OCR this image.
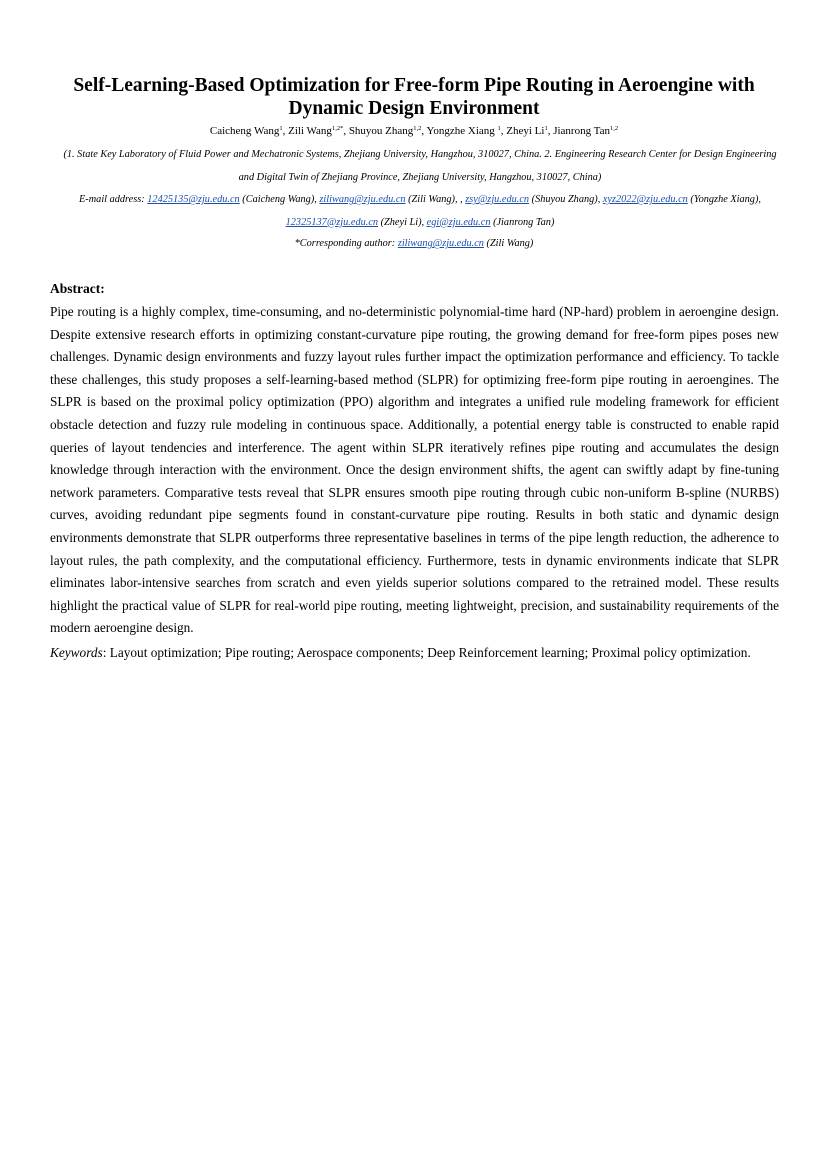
Self-Learning-Based Optimization for Free-form Pipe Routing in Aeroengine with Dynamic Design Environment
Caicheng Wang$^1$, Zili Wang$^{1,2*}$, Shuyou Zhang$^{1,2}$, Yongzhe Xiang $^1$, Zheyi Li$^1$, Jianrong Tan$^{1,2}$
(1. State Key Laboratory of Fluid Power and Mechatronic Systems, Zhejiang University, Hangzhou, 310027, China. 2. Engineering Research Center for Design Engineering and Digital Twin of Zhejiang Province, Zhejiang University, Hangzhou, 310027, China)
E-mail address: 12425135@zju.edu.cn (Caicheng Wang), ziliwang@zju.edu.cn (Zili Wang), , zsy@zju.edu.cn (Shuyou Zhang), xyz2022@zju.edu.cn (Yongzhe Xiang), 12325137@zju.edu.cn (Zheyi Li), egi@zju.edu.cn (Jianrong Tan)
*Corresponding author: ziliwang@zju.edu.cn (Zili Wang)
Abstract:
Pipe routing is a highly complex, time-consuming, and no-deterministic polynomial-time hard (NP-hard) problem in aeroengine design. Despite extensive research efforts in optimizing constant-curvature pipe routing, the growing demand for free-form pipes poses new challenges. Dynamic design environments and fuzzy layout rules further impact the optimization performance and efficiency. To tackle these challenges, this study proposes a self-learning-based method (SLPR) for optimizing free-form pipe routing in aeroengines. The SLPR is based on the proximal policy optimization (PPO) algorithm and integrates a unified rule modeling framework for efficient obstacle detection and fuzzy rule modeling in continuous space. Additionally, a potential energy table is constructed to enable rapid queries of layout tendencies and interference. The agent within SLPR iteratively refines pipe routing and accumulates the design knowledge through interaction with the environment. Once the design environment shifts, the agent can swiftly adapt by fine-tuning network parameters. Comparative tests reveal that SLPR ensures smooth pipe routing through cubic non-uniform B-spline (NURBS) curves, avoiding redundant pipe segments found in constant-curvature pipe routing. Results in both static and dynamic design environments demonstrate that SLPR outperforms three representative baselines in terms of the pipe length reduction, the adherence to layout rules, the path complexity, and the computational efficiency. Furthermore, tests in dynamic environments indicate that SLPR eliminates labor-intensive searches from scratch and even yields superior solutions compared to the retrained model. These results highlight the practical value of SLPR for real-world pipe routing, meeting lightweight, precision, and sustainability requirements of the modern aeroengine design.
Keywords: Layout optimization; Pipe routing; Aerospace components; Deep Reinforcement learning; Proximal policy optimization.
